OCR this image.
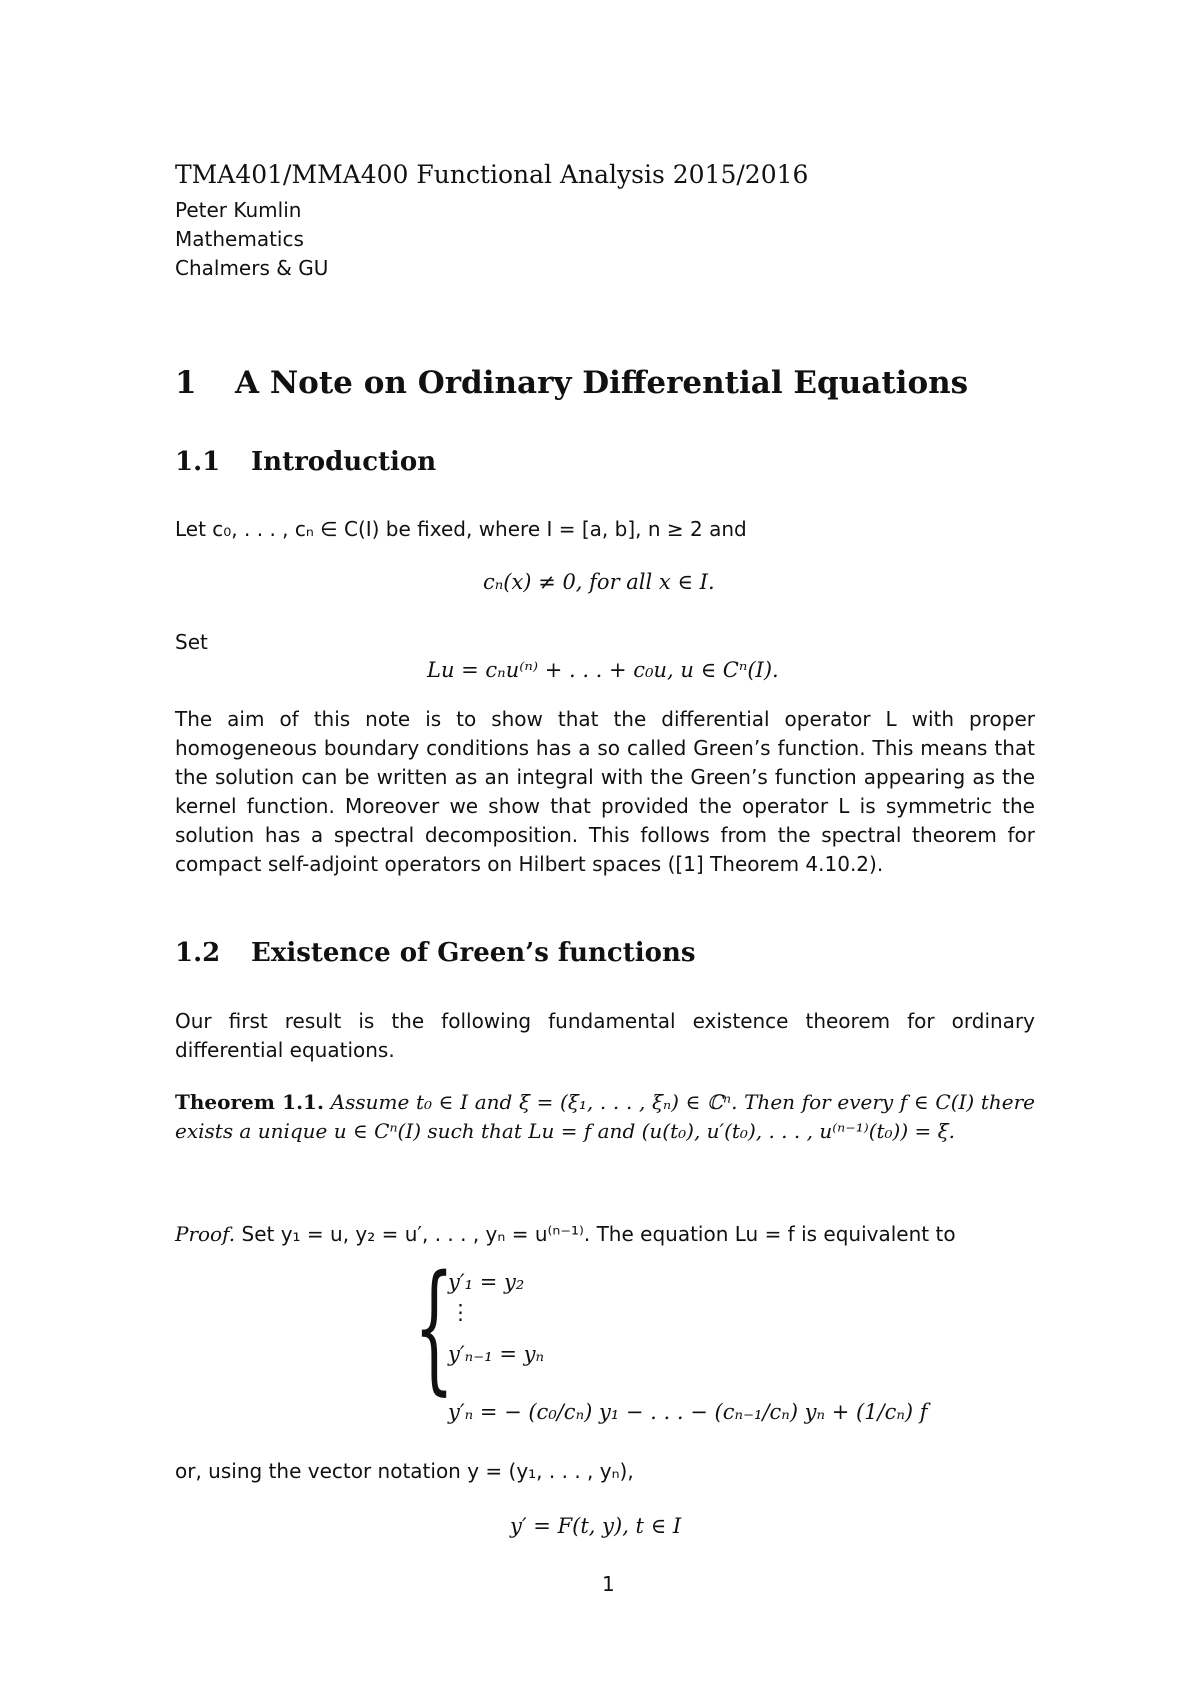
TMA401/MMA400 Functional Analysis 2015/2016
Peter Kumlin
Mathematics
Chalmers & GU
1 A Note on Ordinary Differential Equations
1.1 Introduction
Let c₀, . . . , cₙ ∈ C(I) be fixed, where I = [a, b], n ≥ 2 and
cₙ(x) ≠ 0, for all x ∈ I.
Set
Lu = cₙu⁽ⁿ⁾ + . . . + c₀u, u ∈ Cⁿ(I).
The aim of this note is to show that the differential operator L with proper homogeneous boundary conditions has a so called Green’s function. This means that the solution can be written as an integral with the Green’s function appearing as the kernel function. Moreover we show that provided the operator L is symmetric the solution has a spectral decomposition. This follows from the spectral theorem for compact self-adjoint operators on Hilbert spaces ([1] Theorem 4.10.2).
1.2 Existence of Green’s functions
Our first result is the following fundamental existence theorem for ordinary differential equations.
Theorem 1.1. Assume t₀ ∈ I and ξ = (ξ₁, . . . , ξₙ) ∈ ℂⁿ. Then for every f ∈ C(I) there exists a unique u ∈ Cⁿ(I) such that Lu = f and (u(t₀), u′(t₀), . . . , u⁽ⁿ⁻¹⁾(t₀)) = ξ.
Proof. Set y₁ = u, y₂ = u′, . . . , yₙ = u⁽ⁿ⁻¹⁾. The equation Lu = f is equivalent to
{
y′₁ = y₂
⋮
y′ₙ₋₁ = yₙ
y′ₙ = − (c₀/cₙ) y₁ − . . . − (cₙ₋₁/cₙ) yₙ + (1/cₙ) f
or, using the vector notation y = (y₁, . . . , yₙ),
y′ = F(t, y), t ∈ I
1
